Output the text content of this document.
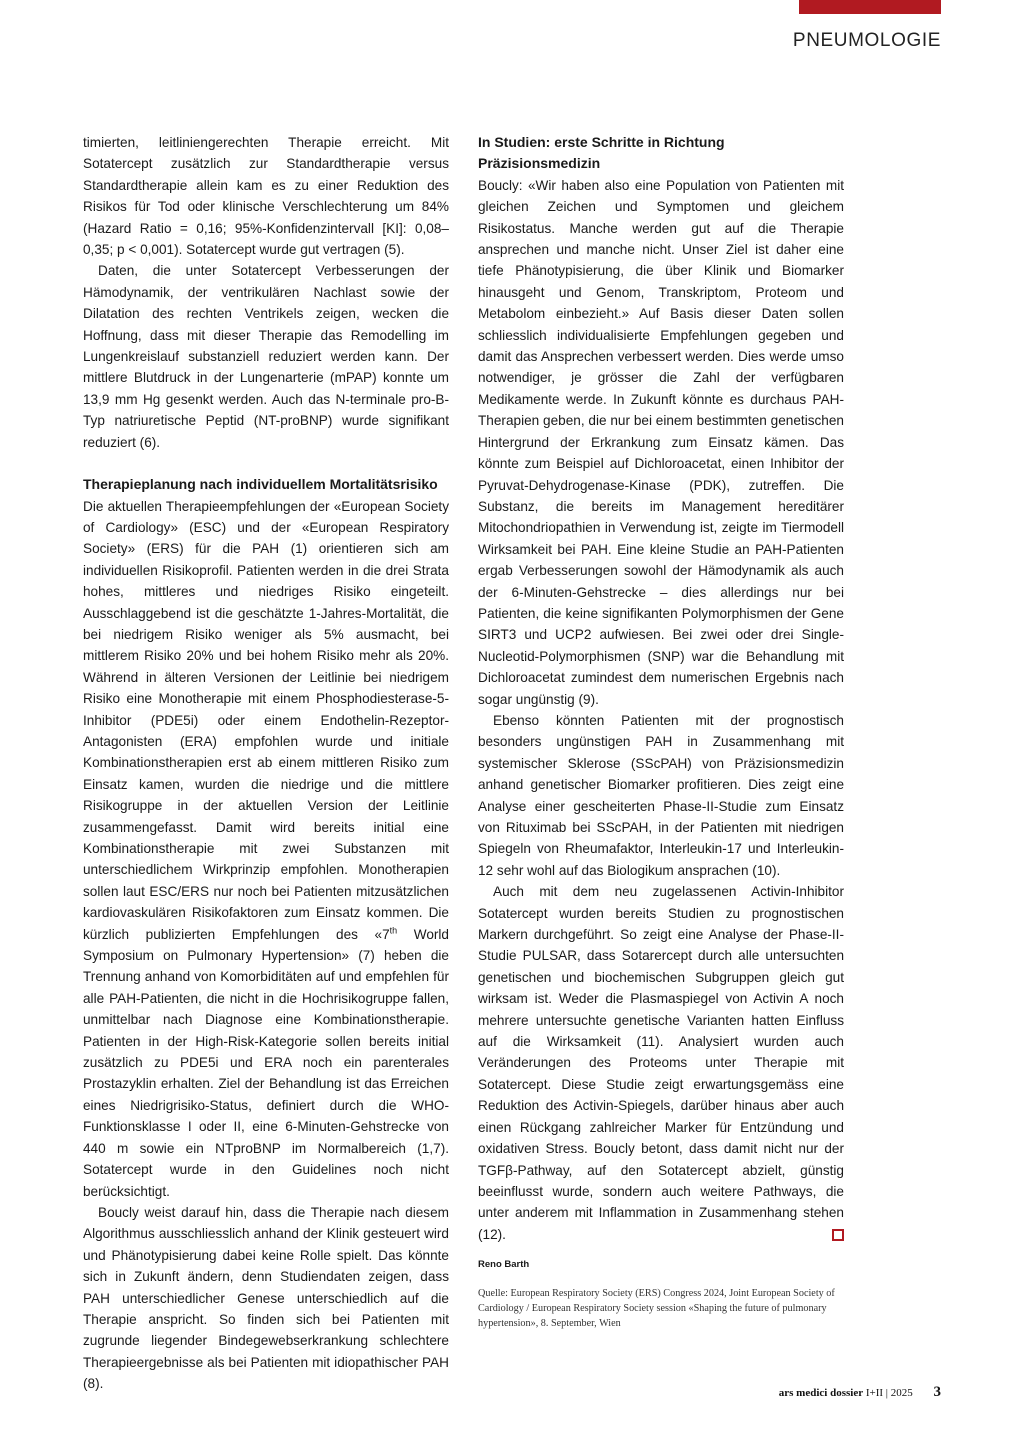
PNEUMOLOGIE

timierten, leitliniengerechten Therapie erreicht. Mit Sotatercept zusätzlich zur Standardtherapie versus Standardtherapie allein kam es zu einer Reduktion des Risikos für Tod oder klinische Verschlechterung um 84% (Hazard Ratio = 0,16; 95%-Konfidenzintervall [KI]: 0,08–0,35; p < 0,001). Sotatercept wurde gut vertragen (5).

Daten, die unter Sotatercept Verbesserungen der Hämodynamik, der ventrikulären Nachlast sowie der Dilatation des rechten Ventrikels zeigen, wecken die Hoffnung, dass mit dieser Therapie das Remodelling im Lungenkreislauf substanziell reduziert werden kann. Der mittlere Blutdruck in der Lungenarterie (mPAP) konnte um 13,9 mm Hg gesenkt werden. Auch das N-terminale pro-B-Typ natriuretische Peptid (NT-proBNP) wurde signifikant reduziert (6).

Therapieplanung nach individuellem Mortalitätsrisiko

Die aktuellen Therapieempfehlungen der «European Society of Cardiology» (ESC) und der «European Respiratory Society» (ERS) für die PAH (1) orientieren sich am individuellen Risikoprofil. Patienten werden in die drei Strata hohes, mittleres und niedriges Risiko eingeteilt. Ausschlaggebend ist die geschätzte 1-Jahres-Mortalität, die bei niedrigem Risiko weniger als 5% ausmacht, bei mittlerem Risiko 20% und bei hohem Risiko mehr als 20%. Während in älteren Versionen der Leitlinie bei niedrigem Risiko eine Monotherapie mit einem Phosphodiesterase-5-Inhibitor (PDE5i) oder einem Endothelin-Rezeptor-Antagonisten (ERA) empfohlen wurde und initiale Kombinationstherapien erst ab einem mittleren Risiko zum Einsatz kamen, wurden die niedrige und die mittlere Risikogruppe in der aktuellen Version der Leitlinie zusammengefasst. Damit wird bereits initial eine Kombinationstherapie mit zwei Substanzen mit unterschiedlichem Wirkprinzip empfohlen. Monotherapien sollen laut ESC/ERS nur noch bei Patienten mitzusätzlichen kardiovaskulären Risikofaktoren zum Einsatz kommen. Die kürzlich publizierten Empfehlungen des «7th World Symposium on Pulmonary Hypertension» (7) heben die Trennung anhand von Komorbiditäten auf und empfehlen für alle PAH-Patienten, die nicht in die Hochrisikogruppe fallen, unmittelbar nach Diagnose eine Kombinationstherapie. Patienten in der High-Risk-Kategorie sollen bereits initial zusätzlich zu PDE5i und ERA noch ein parenterales Prostazyklin erhalten. Ziel der Behandlung ist das Erreichen eines Niedrigrisiko-Status, definiert durch die WHO-Funktionsklasse I oder II, eine 6-Minuten-Gehstrecke von 440 m sowie ein NTproBNP im Normalbereich (1,7). Sotatercept wurde in den Guidelines noch nicht berücksichtigt.

Boucly weist darauf hin, dass die Therapie nach diesem Algorithmus ausschliesslich anhand der Klinik gesteuert wird und Phänotypisierung dabei keine Rolle spielt. Das könnte sich in Zukunft ändern, denn Studiendaten zeigen, dass PAH unterschiedlicher Genese unterschiedlich auf die Therapie anspricht. So finden sich bei Patienten mit zugrunde liegender Bindegewebserkrankung schlechtere Therapieergebnisse als bei Patienten mit idiopathischer PAH (8).

In Studien: erste Schritte in Richtung Präzisionsmedizin

Boucly: «Wir haben also eine Population von Patienten mit gleichen Zeichen und Symptomen und gleichem Risikostatus. Manche werden gut auf die Therapie ansprechen und manche nicht. Unser Ziel ist daher eine tiefe Phänotypisierung, die über Klinik und Biomarker hinausgeht und Genom, Transkriptom, Proteom und Metabolom einbezieht.» Auf Basis dieser Daten sollen schliesslich individualisierte Empfehlungen gegeben und damit das Ansprechen verbessert werden. Dies werde umso notwendiger, je grösser die Zahl der verfügbaren Medikamente werde. In Zukunft könnte es durchaus PAH-Therapien geben, die nur bei einem bestimmten genetischen Hintergrund der Erkrankung zum Einsatz kämen. Das könnte zum Beispiel auf Dichloroacetat, einen Inhibitor der Pyruvat-Dehydrogenase-Kinase (PDK), zutreffen. Die Substanz, die bereits im Management hereditärer Mitochondriopathien in Verwendung ist, zeigte im Tiermodell Wirksamkeit bei PAH. Eine kleine Studie an PAH-Patienten ergab Verbesserungen sowohl der Hämodynamik als auch der 6-Minuten-Gehstrecke – dies allerdings nur bei Patienten, die keine signifikanten Polymorphismen der Gene SIRT3 und UCP2 aufwiesen. Bei zwei oder drei Single-Nucleotid-Polymorphismen (SNP) war die Behandlung mit Dichloroacetat zumindest dem numerischen Ergebnis nach sogar ungünstig (9).

Ebenso könnten Patienten mit der prognostisch besonders ungünstigen PAH in Zusammenhang mit systemischer Sklerose (SScPAH) von Präzisionsmedizin anhand genetischer Biomarker profitieren. Dies zeigt eine Analyse einer gescheiterten Phase-II-Studie zum Einsatz von Rituximab bei SScPAH, in der Patienten mit niedrigen Spiegeln von Rheumafaktor, Interleukin-17 und Interleukin-12 sehr wohl auf das Biologikum ansprachen (10).

Auch mit dem neu zugelassenen Activin-Inhibitor Sotatercept wurden bereits Studien zu prognostischen Markern durchgeführt. So zeigt eine Analyse der Phase-II-Studie PULSAR, dass Sotarercept durch alle untersuchten genetischen und biochemischen Subgruppen gleich gut wirksam ist. Weder die Plasmaspiegel von Activin A noch mehrere untersuchte genetische Varianten hatten Einfluss auf die Wirksamkeit (11). Analysiert wurden auch Veränderungen des Proteoms unter Therapie mit Sotatercept. Diese Studie zeigt erwartungsgemäss eine Reduktion des Activin-Spiegels, darüber hinaus aber auch einen Rückgang zahlreicher Marker für Entzündung und oxidativen Stress. Boucly betont, dass damit nicht nur der TGFβ-Pathway, auf den Sotatercept abzielt, günstig beeinflusst wurde, sondern auch weitere Pathways, die unter anderem mit Inflammation in Zusammenhang stehen (12).

Reno Barth
Quelle: European Respiratory Society (ERS) Congress 2024, Joint European Society of Cardiology / European Respiratory Society session «Shaping the future of pulmonary hypertension», 8. September, Wien
ars medici dossier I+II | 2025 3
